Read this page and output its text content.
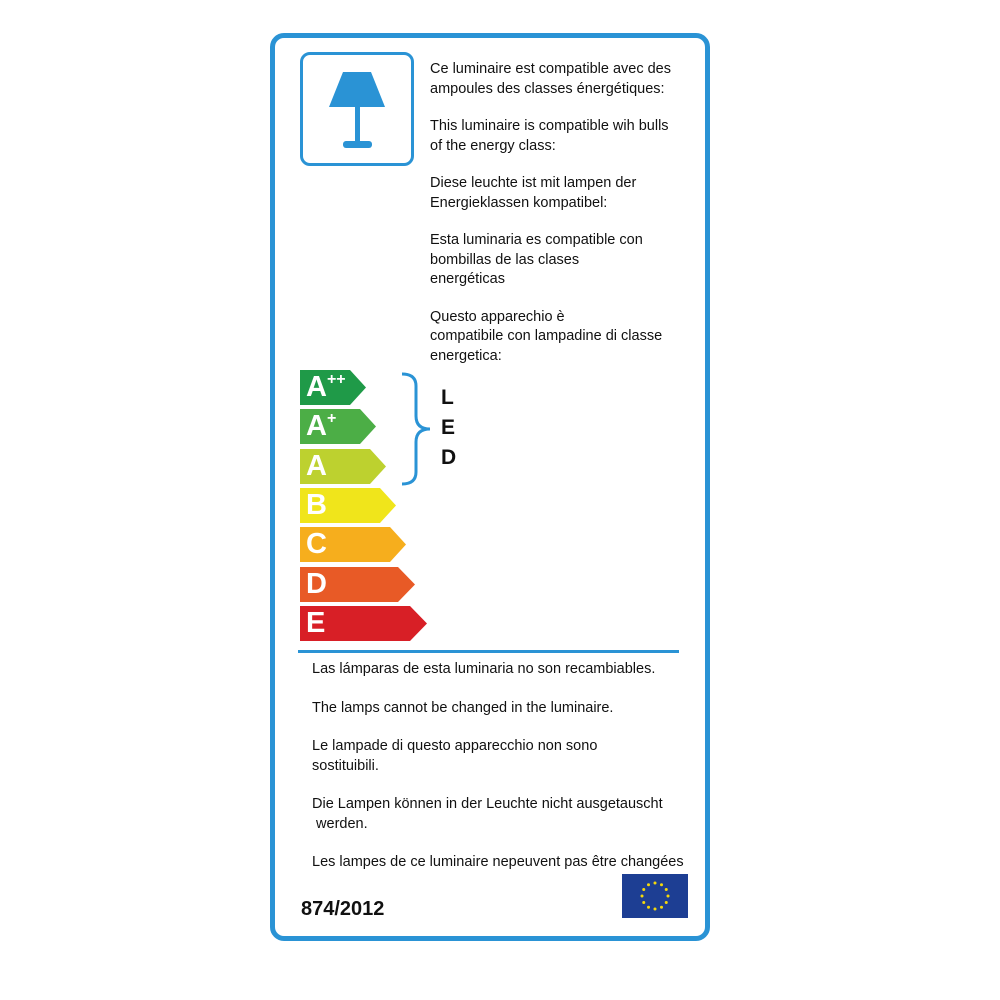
Ce luminaire est compatible avec des
ampoules des classes énergétiques:

This luminaire is compatible wih bulls
of the energy class:

Diese leuchte ist mit lampen der
Energieklassen kompatibel:

Esta luminaria es compatible con
bombillas de las clases
energéticas

Questo apparechio è
compatibile con lampadine di classe
energetica:

A++
A+
A
B
C
D
E
L
E
D

Las lámparas de esta luminaria no son recambiables.

The lamps cannot be changed in the luminaire.

Le lampade di questo apparecchio non sono
sostituibili.

Die Lampen können in der Leuchte nicht ausgetauscht
werden.

Les lampes de ce luminaire nepeuvent pas être changées

874/2012
